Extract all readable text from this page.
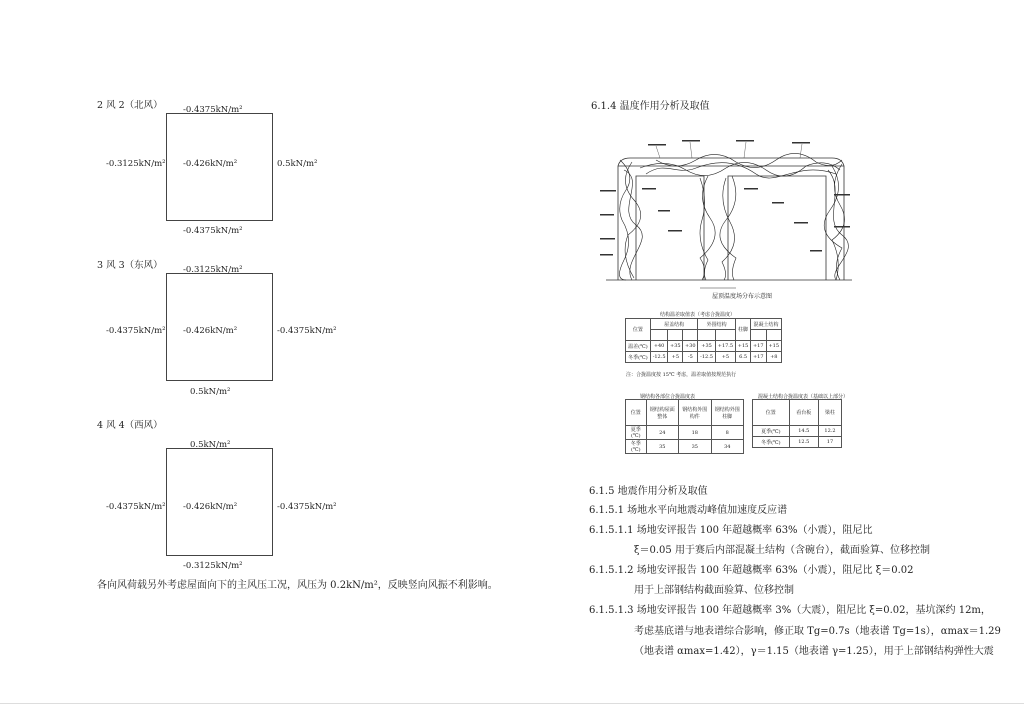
2 风 2（北风） -0.4375kN/m²
-0.3125kN/m² -0.426kN/m²	0.5kN/m²
-0.4375kN/m²
3 风 3（东风） -0.3125kN/m²
-0.4375kN/m² -0.426kN/m²	-0.4375kN/m²
0.5kN/m²
4 风 4（西风）
0.5kN/m²
-0.4375kN/m² -0.426kN/m²	-0.4375kN/m²
-0.3125kN/m²
各向风荷载另外考虑屋面向下的主风压工况，风压为 0.2kN/m²，反映竖向风振不利影响。
6.1.4 温度作用分析及取值
屋顶温度场分布示意图
结构温差取值表（考虑合拢温度）
位置	屋盖结构			外围结构		柱脚	混凝土结构	

温差(℃)	+40	+35	+30	+35	+17.5	+15	+17	+15
冬季(℃)	-12.5	+5	-5	-12.5	+5	6.5	+17	+8
注：合拢温度按 15℃ 考虑，温差取值按规范执行
钢结构各部位合拢温度表
位置	钢结构屋面整体	钢结构外围构件	钢结构外围柱脚
夏季(℃)	24	18	8
冬季(℃)	35	35	34
混凝土结构合拢温度表（基础以上部分）
位置	看台板	梁柱
夏季(℃)	14.5	12.2
冬季(℃)	12.5	17
6.1.5 地震作用分析及取值
6.1.5.1 场地水平向地震动峰值加速度反应谱
6.1.5.1.1 场地安评报告 100 年超越概率 63%（小震），阻尼比
ξ＝0.05 用于赛后内部混凝土结构（含碗台），截面验算、位移控制
6.1.5.1.2 场地安评报告 100 年超越概率 63%（小震），阻尼比 ξ＝0.02
用于上部钢结构截面验算、位移控制
6.1.5.1.3 场地安评报告 100 年超越概率 3%（大震），阻尼比 ξ=0.02，基坑深约 12m，
考虑基底谱与地表谱综合影响，修正取 Tg=0.7s（地表谱 Tg=1s），αmax＝1.29
（地表谱 αmax=1.42），γ＝1.15（地表谱 γ=1.25），用于上部钢结构弹性大震
